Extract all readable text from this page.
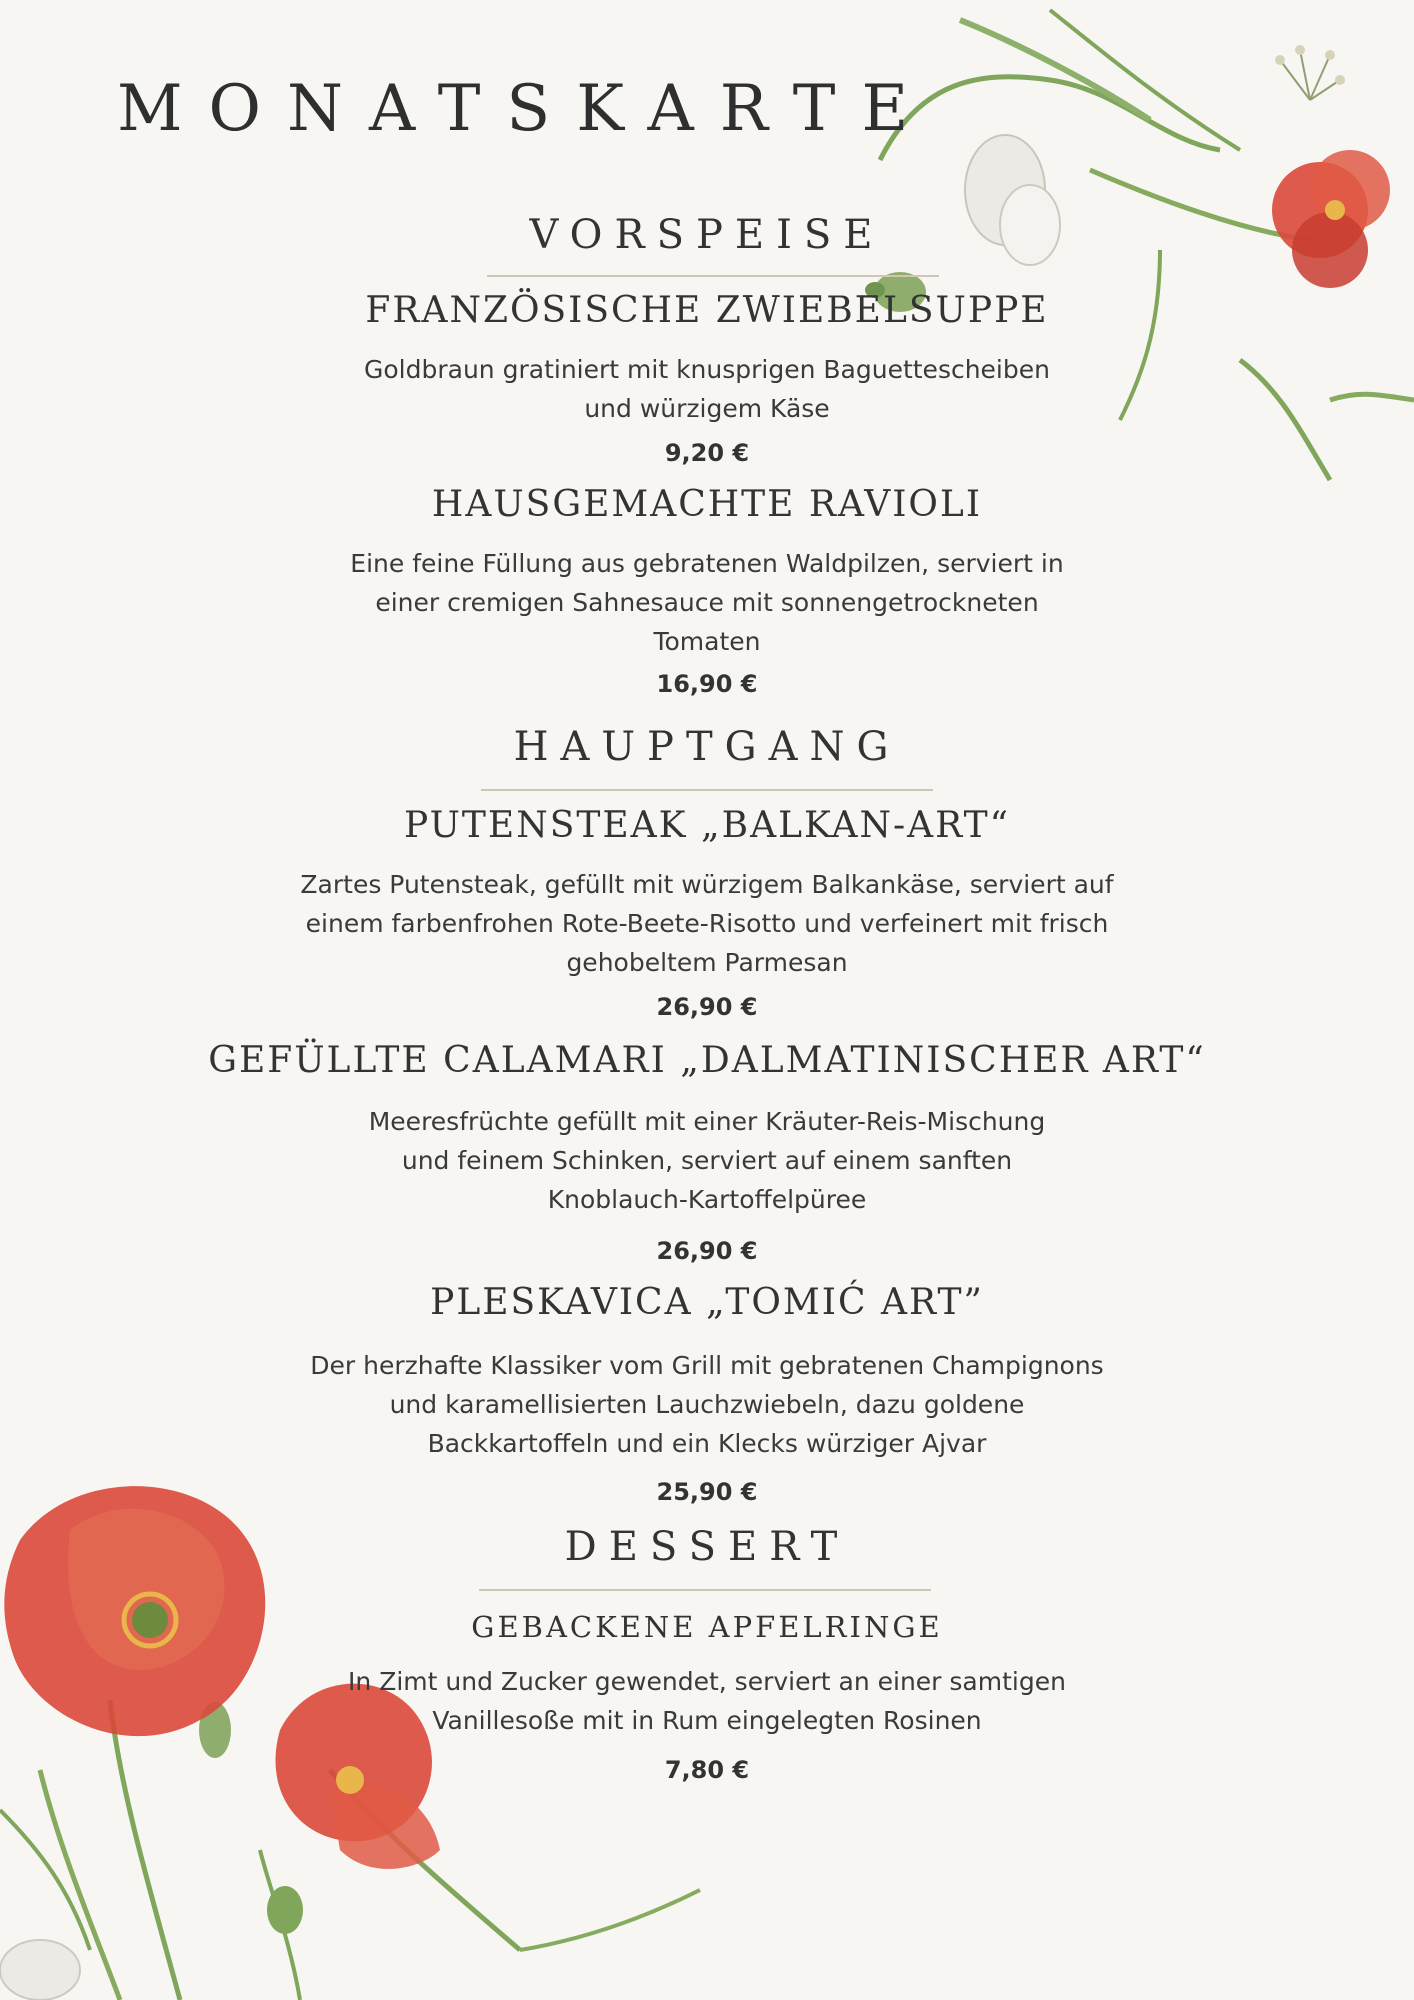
MONATSKARTE
VORSPEISE
FRANZÖSISCHE ZWIEBELSUPPE
Goldbraun gratiniert mit knusprigen Baguettescheiben
und würzigem Käse
9,20 €
HAUSGEMACHTE RAVIOLI
Eine feine Füllung aus gebratenen Waldpilzen, serviert in
einer cremigen Sahnesauce mit sonnengetrockneten
Tomaten
16,90 €
HAUPTGANG
PUTENSTEAK „BALKAN-ART“
Zartes Putensteak, gefüllt mit würzigem Balkankäse, serviert auf
einem farbenfrohen Rote-Beete-Risotto und verfeinert mit frisch
gehobeltem Parmesan
26,90 €
GEFÜLLTE CALAMARI „DALMATINISCHER ART“
Meeresfrüchte gefüllt mit einer Kräuter-Reis-Mischung
und feinem Schinken, serviert auf einem sanften
Knoblauch-Kartoffelpüree
26,90 €
PLESKAVICA „TOMIĆ ART”
Der herzhafte Klassiker vom Grill mit gebratenen Champignons
und karamellisierten Lauchzwiebeln, dazu goldene
Backkartoffeln und ein Klecks würziger Ajvar
25,90 €
DESSERT
GEBACKENE APFELRINGE
In Zimt und Zucker gewendet, serviert an einer samtigen
Vanillesoße mit in Rum eingelegten Rosinen
7,80 €
